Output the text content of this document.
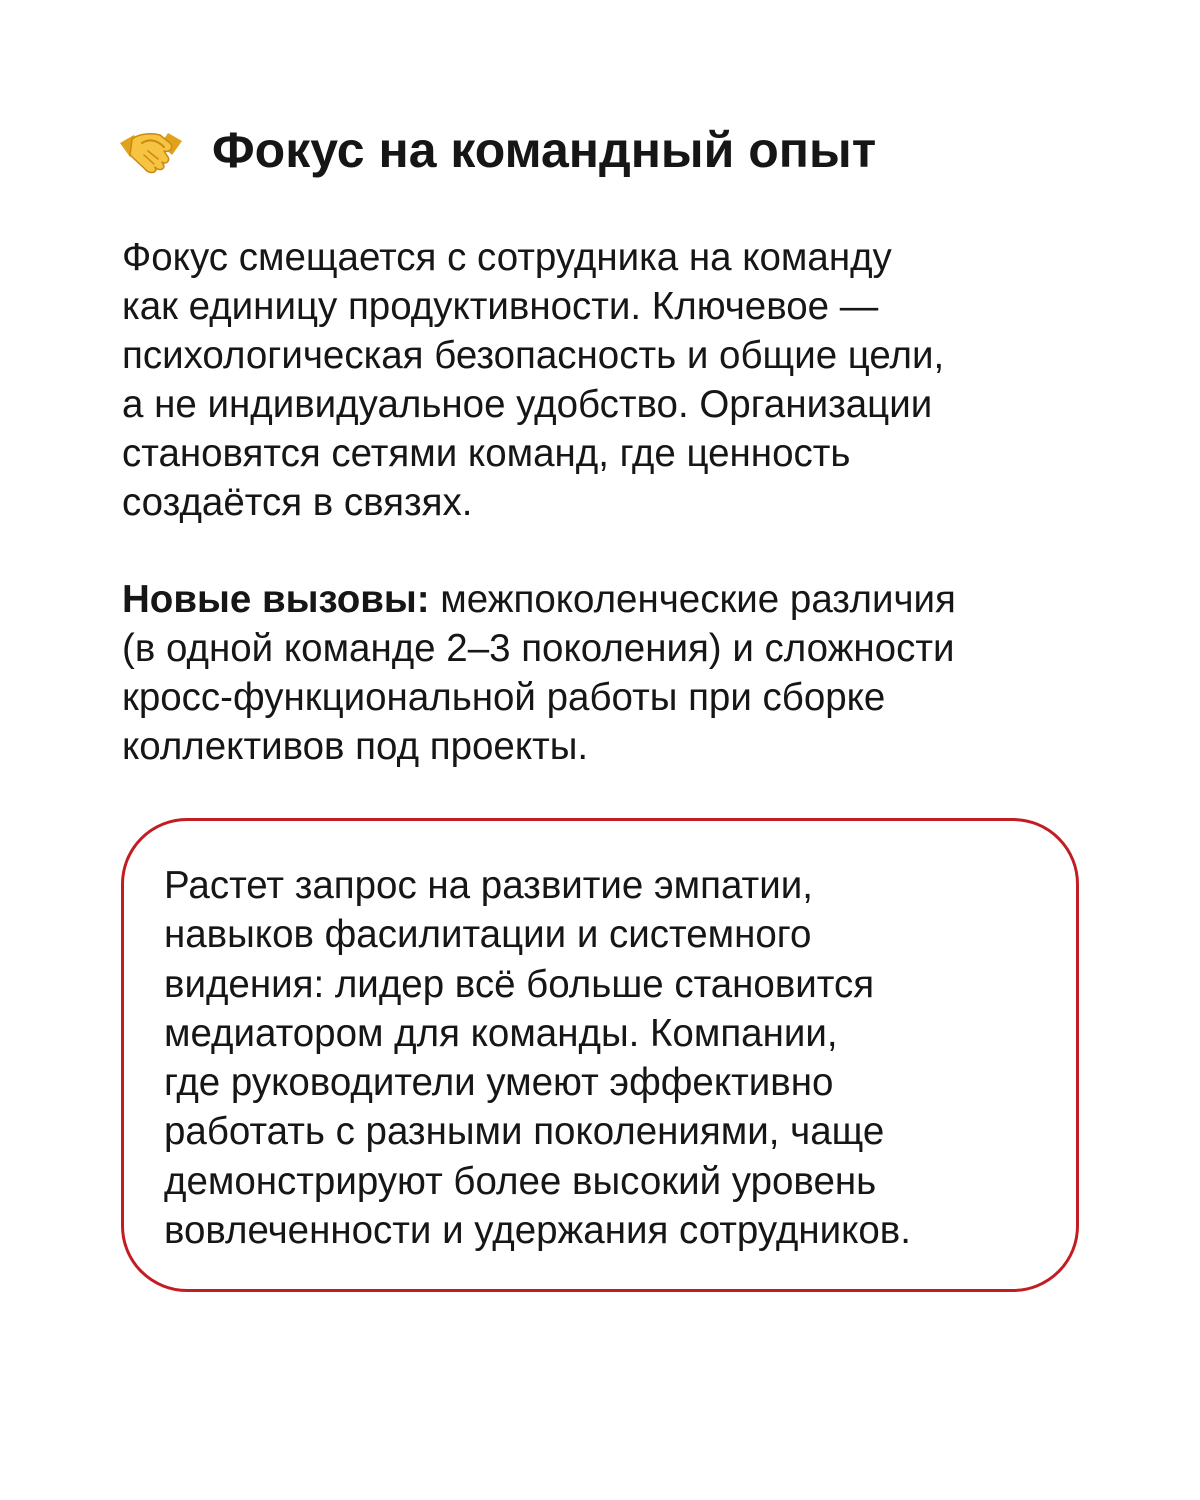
Фокус на командный опыт

Фокус смещается с сотрудника на команду
как единицу продуктивности. Ключевое —
психологическая безопасность и общие цели,
а не индивидуальное удобство. Организации
становятся сетями команд, где ценность
создаётся в связях.

Новые вызовы: межпоколенческие различия
(в одной команде 2–3 поколения) и сложности
кросс-функциональной работы при сборке
коллективов под проекты.

Растет запрос на развитие эмпатии,
навыков фасилитации и системного
видения: лидер всё больше становится
медиатором для команды. Компании,
где руководители умеют эффективно
работать с разными поколениями, чаще
демонстрируют более высокий уровень
вовлеченности и удержания сотрудников.
